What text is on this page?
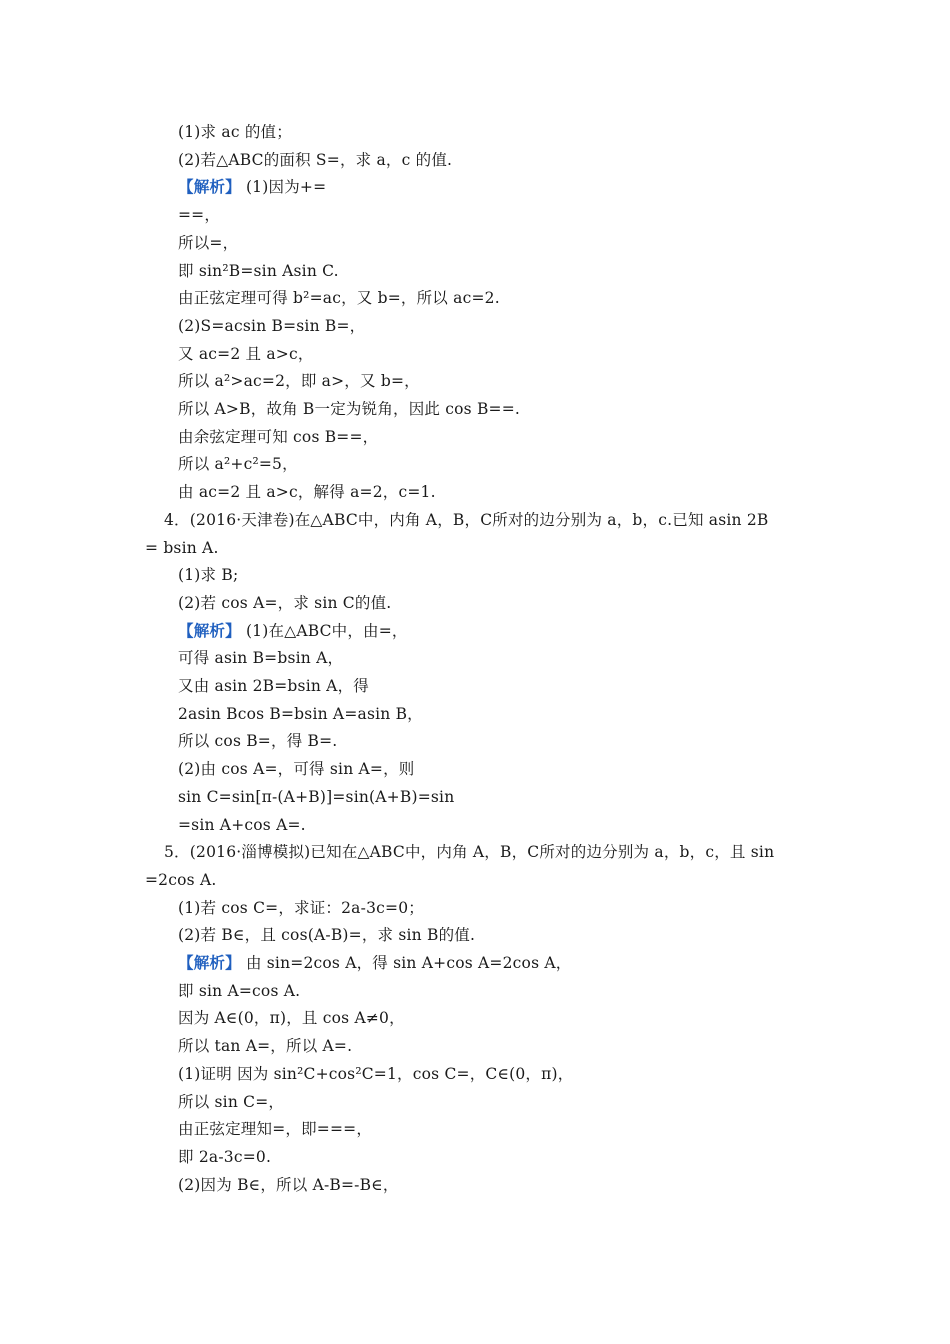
(1)求 ac 的值；
(2)若△ABC的面积 S=，求 a，c 的值.
【解析】 (1)因为+=
==，
所以=，
即 sin²B=sin Asin C.
由正弦定理可得 b²=ac，又 b=，所以 ac=2.
(2)S=acsin B=sin B=，
又 ac=2 且 a>c，
所以 a²>ac=2，即 a>，又 b=，
所以 A>B，故角 B一定为锐角，因此 cos B==.
由余弦定理可知 cos B==，
所以 a²+c²=5，
由 ac=2 且 a>c，解得 a=2，c=1.
4．(2016·天津卷)在△ABC中，内角 A，B，C所对的边分别为 a，b，c.已知 asin 2B
= bsin A.
(1)求 B;
(2)若 cos A=，求 sin C的值.
【解析】 (1)在△ABC中，由=，
可得 asin B=bsin A，
又由 asin 2B=bsin A，得
2asin Bcos B=bsin A=asin B，
所以 cos B=，得 B=.
(2)由 cos A=，可得 sin A=，则
sin C=sin[π-(A+B)]=sin(A+B)=sin
=sin A+cos A=.
5．(2016·淄博模拟)已知在△ABC中，内角 A，B，C所对的边分别为 a，b，c，且 sin
=2cos A.
(1)若 cos C=，求证：2a-3c=0；
(2)若 B∈，且 cos(A-B)=，求 sin B的值.
【解析】 由 sin=2cos A，得 sin A+cos A=2cos A，
即 sin A=cos A.
因为 A∈(0，π)，且 cos A≠0，
所以 tan A=，所以 A=.
(1)证明 因为 sin²C+cos²C=1，cos C=，C∈(0，π)，
所以 sin C=，
由正弦定理知=，即===，
即 2a-3c=0.
(2)因为 B∈，所以 A-B=-B∈，
